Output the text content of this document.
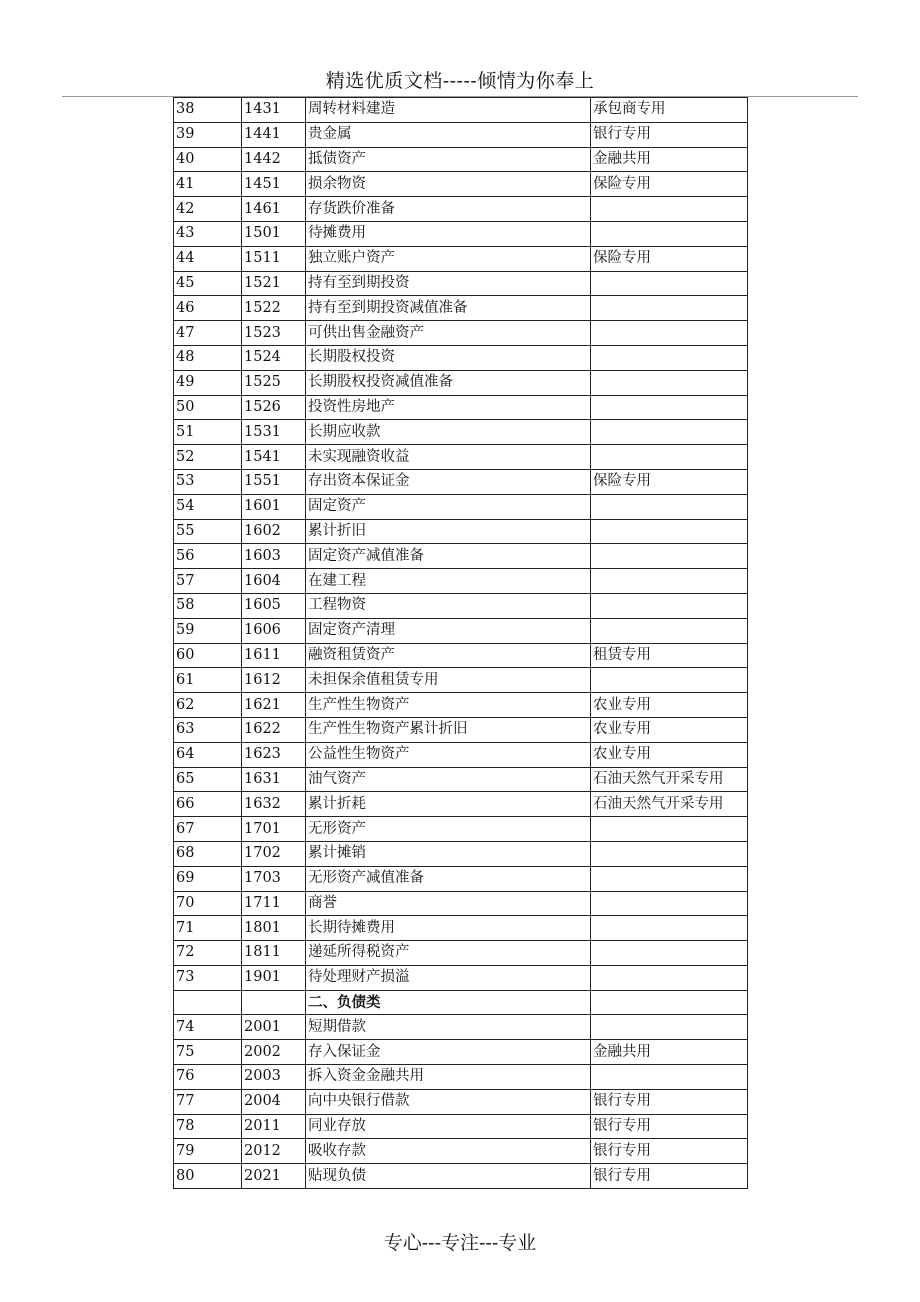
精选优质文档-----倾情为你奉上
38	1431	周转材料建造	承包商专用
39	1441	贵金属	银行专用
40	1442	抵债资产	金融共用
41	1451	损余物资	保险专用
42	1461	存货跌价准备	
43	1501	待摊费用	
44	1511	独立账户资产	保险专用
45	1521	持有至到期投资	
46	1522	持有至到期投资减值准备	
47	1523	可供出售金融资产	
48	1524	长期股权投资	
49	1525	长期股权投资减值准备	
50	1526	投资性房地产	
51	1531	长期应收款	
52	1541	未实现融资收益	
53	1551	存出资本保证金	保险专用
54	1601	固定资产	
55	1602	累计折旧	
56	1603	固定资产减值准备	
57	1604	在建工程	
58	1605	工程物资	
59	1606	固定资产清理	
60	1611	融资租赁资产	租赁专用
61	1612	未担保余值租赁专用	
62	1621	生产性生物资产	农业专用
63	1622	生产性生物资产累计折旧	农业专用
64	1623	公益性生物资产	农业专用
65	1631	油气资产	石油天然气开采专用
66	1632	累计折耗	石油天然气开采专用
67	1701	无形资产	
68	1702	累计摊销	
69	1703	无形资产减值准备	
70	1711	商誉	
71	1801	长期待摊费用	
72	1811	递延所得税资产	
73	1901	待处理财产损溢	
		二、负债类	
74	2001	短期借款	
75	2002	存入保证金	金融共用
76	2003	拆入资金金融共用	
77	2004	向中央银行借款	银行专用
78	2011	同业存放	银行专用
79	2012	吸收存款	银行专用
80	2021	贴现负债	银行专用
专心---专注---专业
